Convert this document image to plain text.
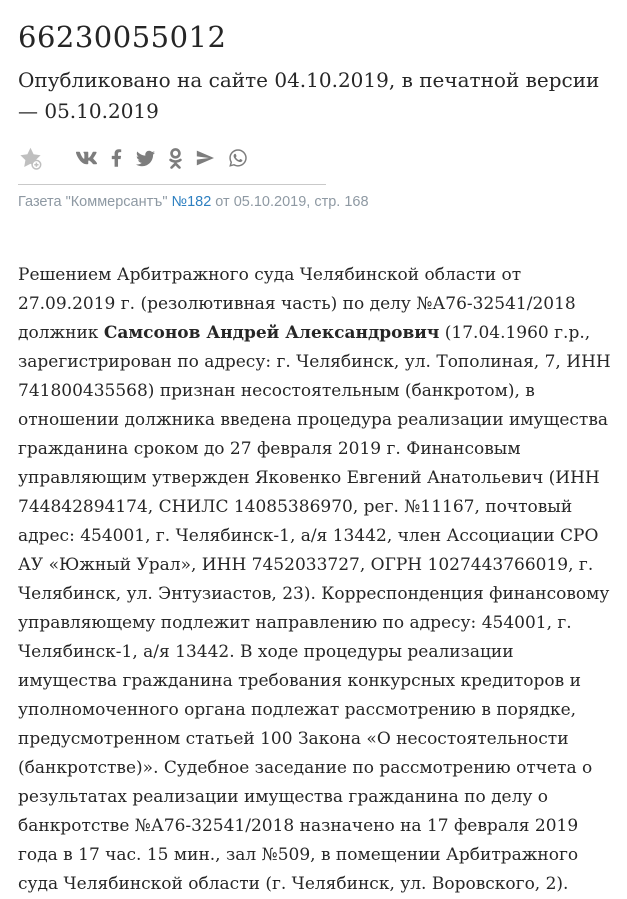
66230055012
Опубликовано на сайте 04.10.2019, в печатной версии — 05.10.2019
Газета "Коммерсантъ" №182 от 05.10.2019, стр. 168

Решением Арбитражного суда Челябинской области от 27.09.2019 г. (резолютивная часть) по делу №А76-32541/2018 должник Самсонов Андрей Александрович (17.04.1960 г.р., зарегистрирован по адресу: г. Челябинск, ул. Тополиная, 7, ИНН 741800435568) признан несостоятельным (банкротом), в отношении должника введена процедура реализации имущества гражданина сроком до 27 февраля 2019 г. Финансовым управляющим утвержден Яковенко Евгений Анатольевич (ИНН 744842894174, СНИЛС 14085386970, рег. №11167, почтовый адрес: 454001, г. Челябинск-1, а/я 13442, член Ассоциации СРО АУ «Южный Урал», ИНН 7452033727, ОГРН 1027443766019, г. Челябинск, ул. Энтузиастов, 23). Корреспонденция финансовому управляющему подлежит направлению по адресу: 454001, г. Челябинск-1, а/я 13442. В ходе процедуры реализации имущества гражданина требования конкурсных кредиторов и уполномоченного органа подлежат рассмотрению в порядке, предусмотренном статьей 100 Закона «О несостоятельности (банкротстве)». Судебное заседание по рассмотрению отчета о результатах реализации имущества гражданина по делу о банкротстве №А76-32541/2018 назначено на 17 февраля 2019 года в 17 час. 15 мин., зал №509, в помещении Арбитражного суда Челябинской области (г. Челябинск, ул. Воровского, 2).
